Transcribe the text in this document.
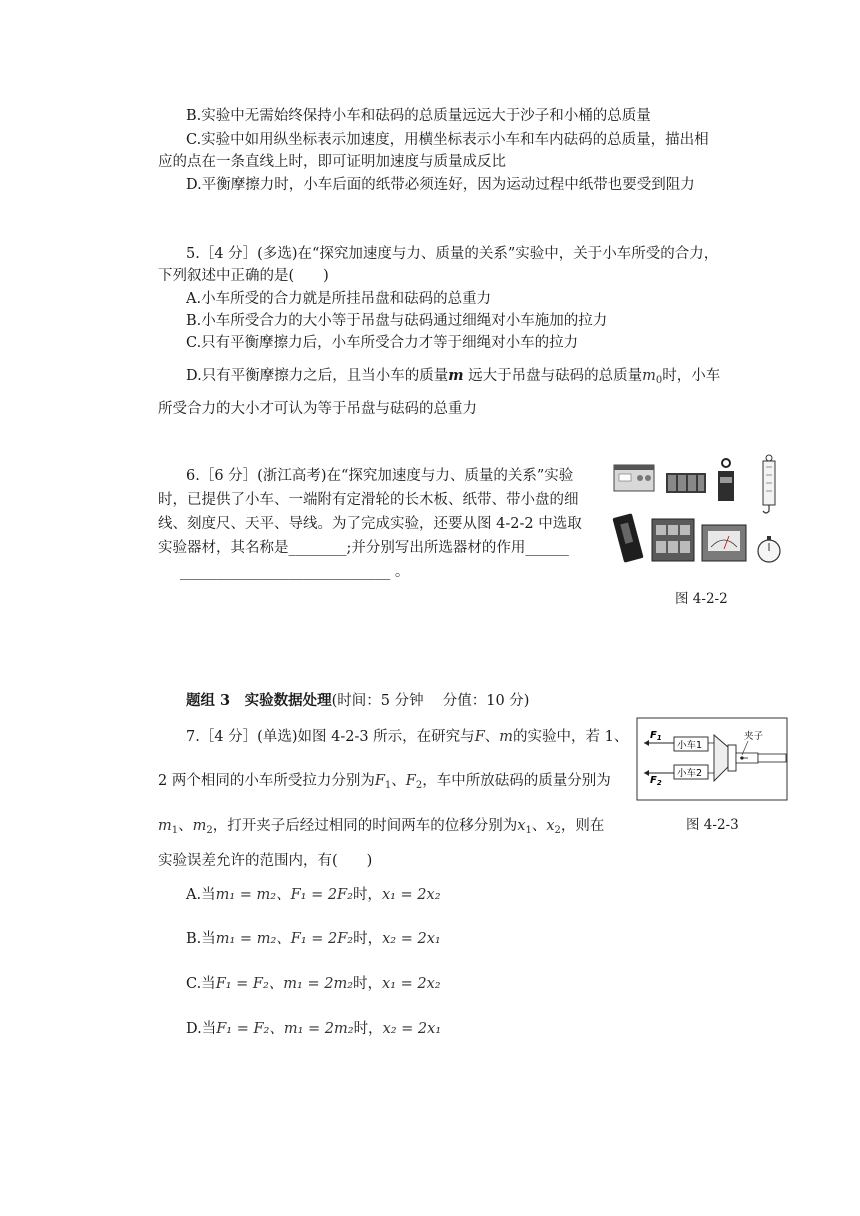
B.实验中无需始终保持小车和砝码的总质量远远大于沙子和小桶的总质量
C.实验中如用纵坐标表示加速度，用横坐标表示小车和车内砝码的总质量，描出相
应的点在一条直线上时，即可证明加速度与质量成反比
D.平衡摩擦力时，小车后面的纸带必须连好，因为运动过程中纸带也要受到阻力
5.［4 分］(多选)在“探究加速度与力、质量的关系”实验中，关于小车所受的合力，
下列叙述中正确的是(　　)
A.小车所受的合力就是所挂吊盘和砝码的总重力
B.小车所受合力的大小等于吊盘与砝码通过细绳对小车施加的拉力
C.只有平衡摩擦力后，小车所受合力才等于细绳对小车的拉力
D.只有平衡摩擦力之后，且当小车的质量m 远大于吊盘与砝码的总质量$m_0$时，小车
所受合力的大小才可认为等于吊盘与砝码的总重力
6.［6 分］(浙江高考)在“探究加速度与力、质量的关系”实验
时，已提供了小车、一端附有定滑轮的长木板、纸带、带小盘的细
线、刻度尺、天平、导线。为了完成实验，还要从图 4-2-2 中选取
实验器材，其名称是________;并分别写出所选器材的作用______
_____________________________ 。
图 4-2-2
题组 3　实验数据处理(时间：5 分钟　 分值：10 分)
7.［4 分］(单选)如图 4-2-3 所示，在研究与F、m的实验中，若 1、
2 两个相同的小车所受拉力分别为$F_1$、$F_2$，车中所放砝码的质量分别为
$m_1$、$m_2$，打开夹子后经过相同的时间两车的位移分别为$x_1$、$x_2$，则在
实验误差允许的范围内，有(　　)
A.当m₁ = m₂、F₁ = 2F₂时，x₁ = 2x₂
B.当m₁ = m₂、F₁ = 2F₂时，x₂ = 2x₁
C.当F₁ = F₂、m₁ = 2m₂时，x₁ = 2x₂
D.当F₁ = F₂、m₁ = 2m₂时，x₂ = 2x₁
$F_1$
$F_2$
小车1
小车2
夹子
图 4-2-3
